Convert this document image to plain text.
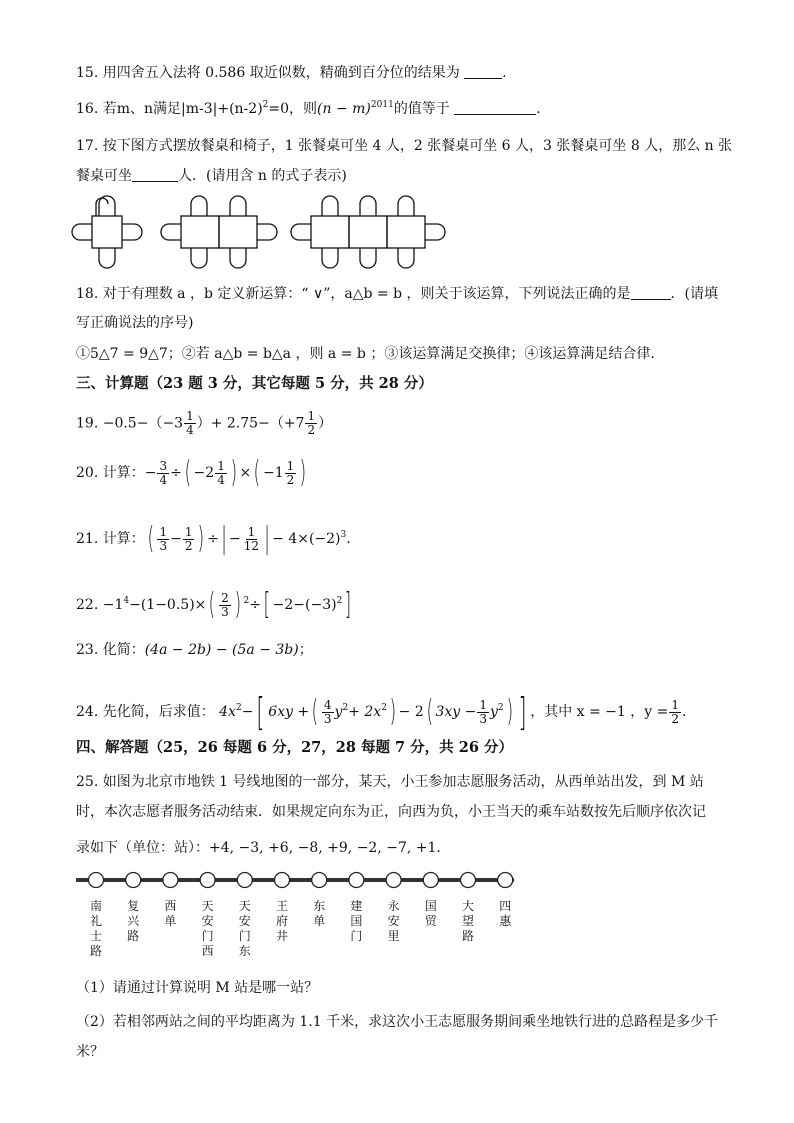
15. 用四舍五入法将 0.586 取近似数，精确到百分位的结果为	.
16. 若m、n满足$|m-3|+(n-2)^2=0$，则$(n - m)^{2011}$的值等于	.
17. 按下图方式摆放餐桌和椅子，1 张餐桌可坐 4 人，2 张餐桌可坐 6 人，3 张餐桌可坐 8 人，那么 n 张
餐桌可坐	人．(请用含 n 的式子表示)
18. 对于有理数 a ，b 定义新运算：“ ∨”，a△b = b ，则关于该运算，下列说法正确的是	．(请填
写正确说法的序号)
①5△7 = 9△7；②若 a△b = b△a ，则 a = b ；③该运算满足交换律；④该运算满足结合律．
三、计算题（23 题 3 分，其它每题 5 分，共 28 分）
19. $-0.5-(-3 \frac{1}{4}$ ）+ $2.75-(+7 \frac{1}{2}$ ）
20. 计算：− $\frac{3}{4}$ ÷( $-2 \frac{1}{4}$ ) ×( $-1 \frac{1}{2}$ )
21. 计算：( $\frac{1}{3} - \frac{1}{2}$ ) ÷| − $\frac{1}{12}$ | − $4\times(-2)^3$.
22. $-1^4-(1-0.5)\times( \frac{2}{3}$ ) $^2\div[ -2-(-3)^2]$
23. 化简：(4a − 2b) − (5a − 3b)；
24. 先化简，后求值： $4x^2-$[ 6xy +( $\frac{4}{3} y^2+ 2x^2) - 2$( $3xy - \frac{1}{3} y^2$) ] ，其中 x = −1 ，$y = \frac{1}{2}$ .
四、解答题（25，26 每题 6 分，27，28 每题 7 分，共 26 分）
25. 如图为北京市地铁 1 号线地图的一部分，某天，小王参加志愿服务活动，从西单站出发，到 M 站
时，本次志愿者服务活动结束．如果规定向东为正，向西为负，小王当天的乘车站数按先后顺序依次记
录如下（单位：站）：+4, −3, +6, −8, +9, −2, −7, +1．
南礼士路
复兴路
西单
天安门西
天安门东
王府井
东单
建国门
永安里
国贸
大望路
四惠
（1）请通过计算说明 M 站是哪一站？
（2）若相邻两站之间的平均距离为 1.1 千米，求这次小王志愿服务期间乘坐地铁行进的总路程是多少千
米？
